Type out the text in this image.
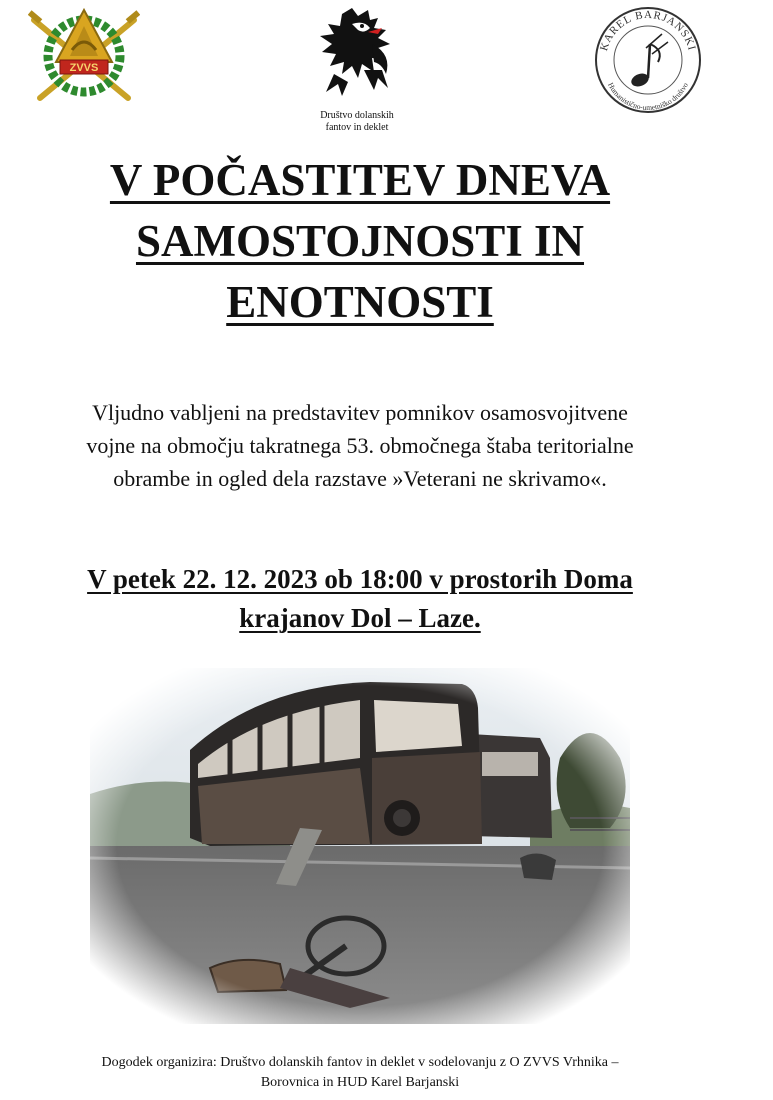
ZVVS
Društvo dolanskih
fantov in deklet
KAREL BARJANSKI
Humanistično-umetniško društvo
V POČASTITEV DNEVA
SAMOSTOJNOSTI IN
ENOTNOSTI

Vljudno vabljeni na predstavitev pomnikov osamosvojitvene
vojne na območju takratnega 53. območnega štaba teritorialne
obrambe in ogled dela razstave »Veterani ne skrivamo«.

V petek 22. 12. 2023 ob 18:00 v prostorih Doma
krajanov Dol – Laze.

Dogodek organizira: Društvo dolanskih fantov in deklet v sodelovanju z O ZVVS Vrhnika –
Borovnica in HUD Karel Barjanski
